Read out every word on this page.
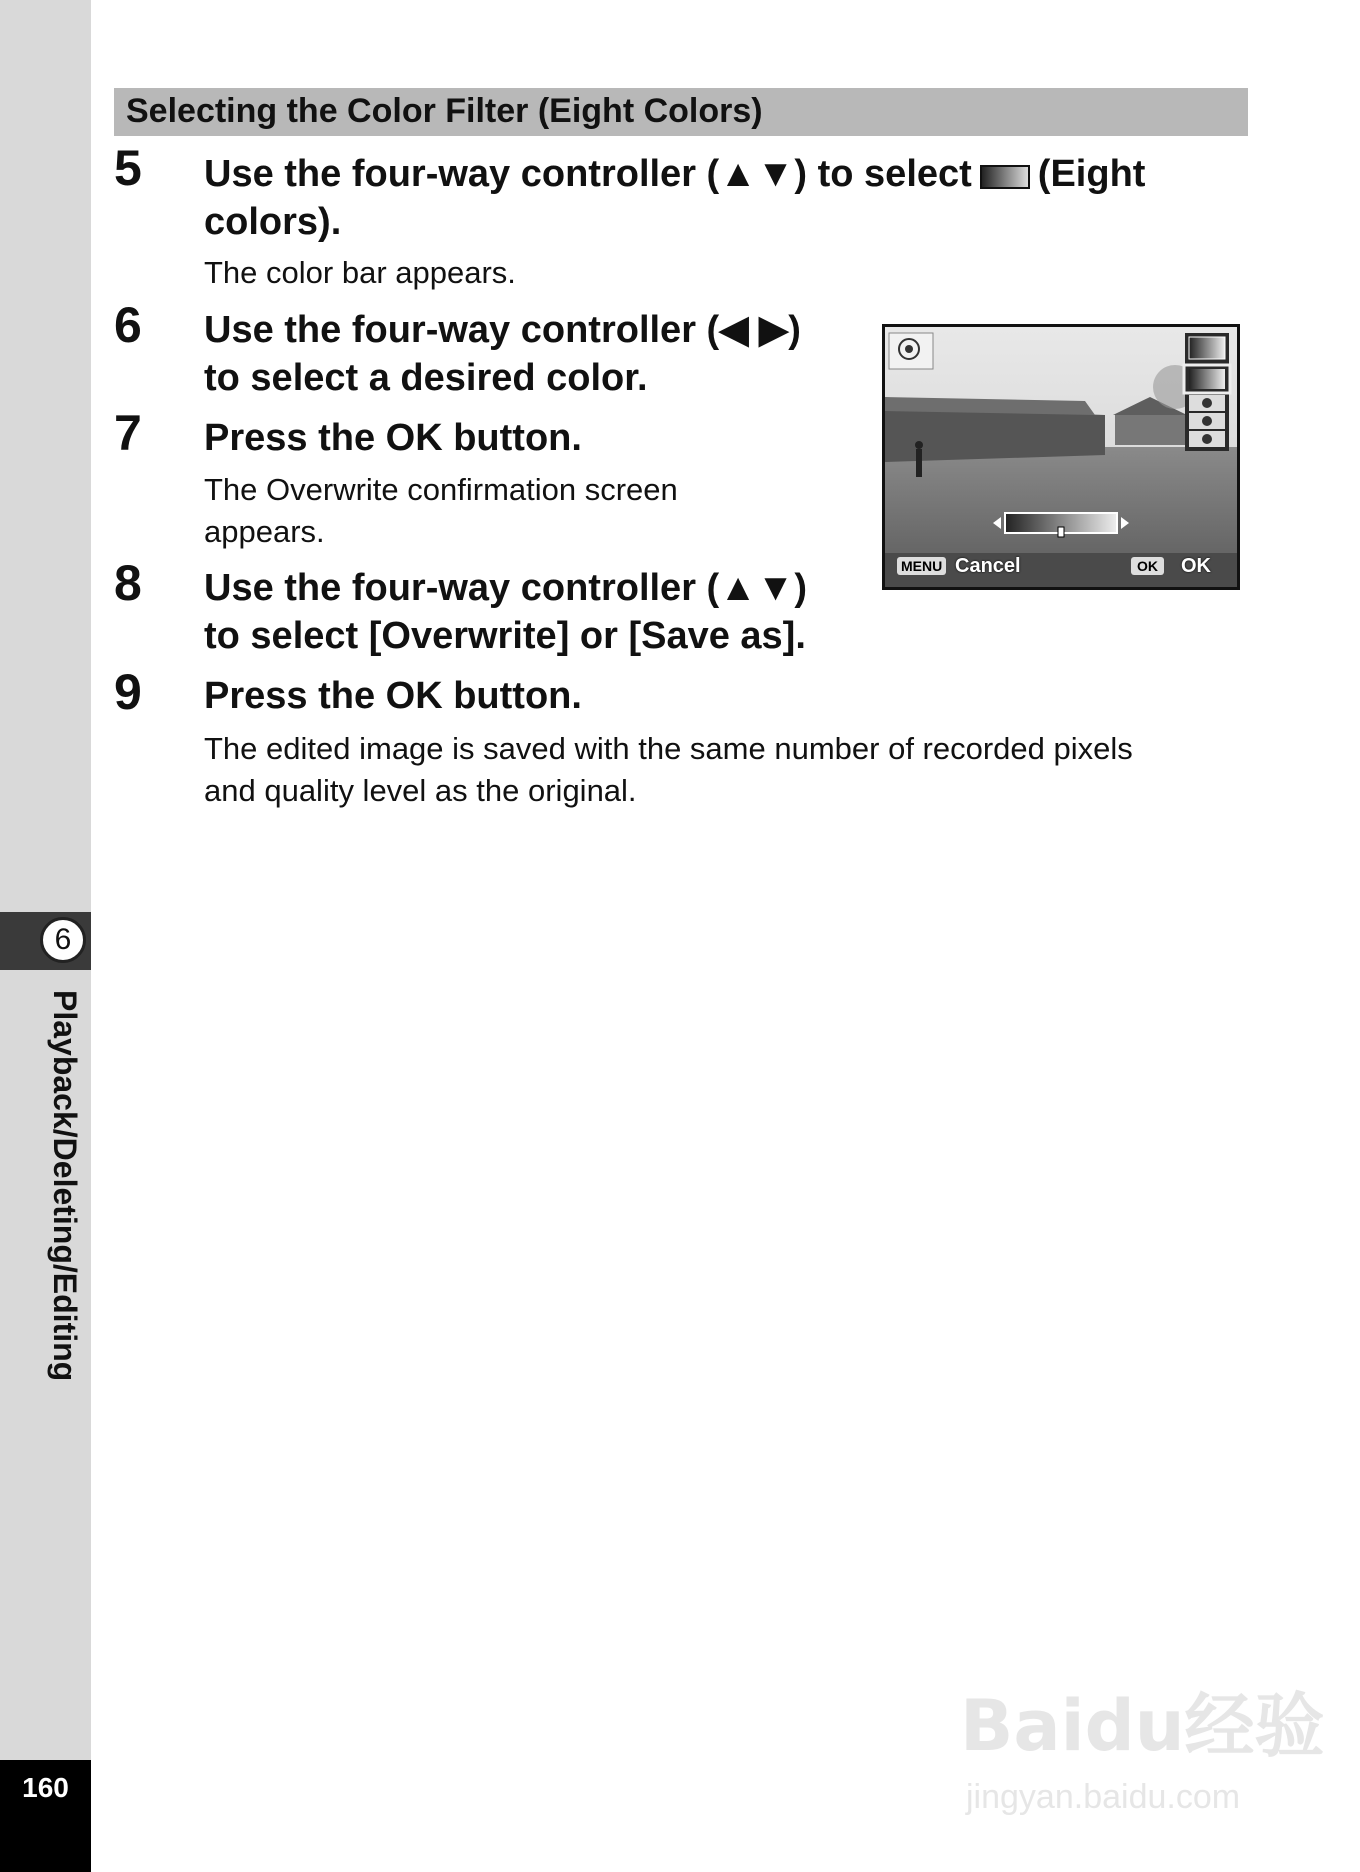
6
Playback/Deleting/Editing
160
Selecting the Color Filter (Eight Colors)
5 Use the four-way controller (▲▼) to select (Eight colors).
The color bar appears.
6 Use the four-way controller (◀ ▶)
to select a desired color.
7 Press the OK button.
The Overwrite confirmation screen
appears.
8 Use the four-way controller (▲▼)
to select [Overwrite] or [Save as].
9 Press the OK button.
The edited image is saved with the same number of recorded pixels
and quality level as the original.
MENU Cancel	OK	OK
Baidu经验
jingyan.baidu.com
